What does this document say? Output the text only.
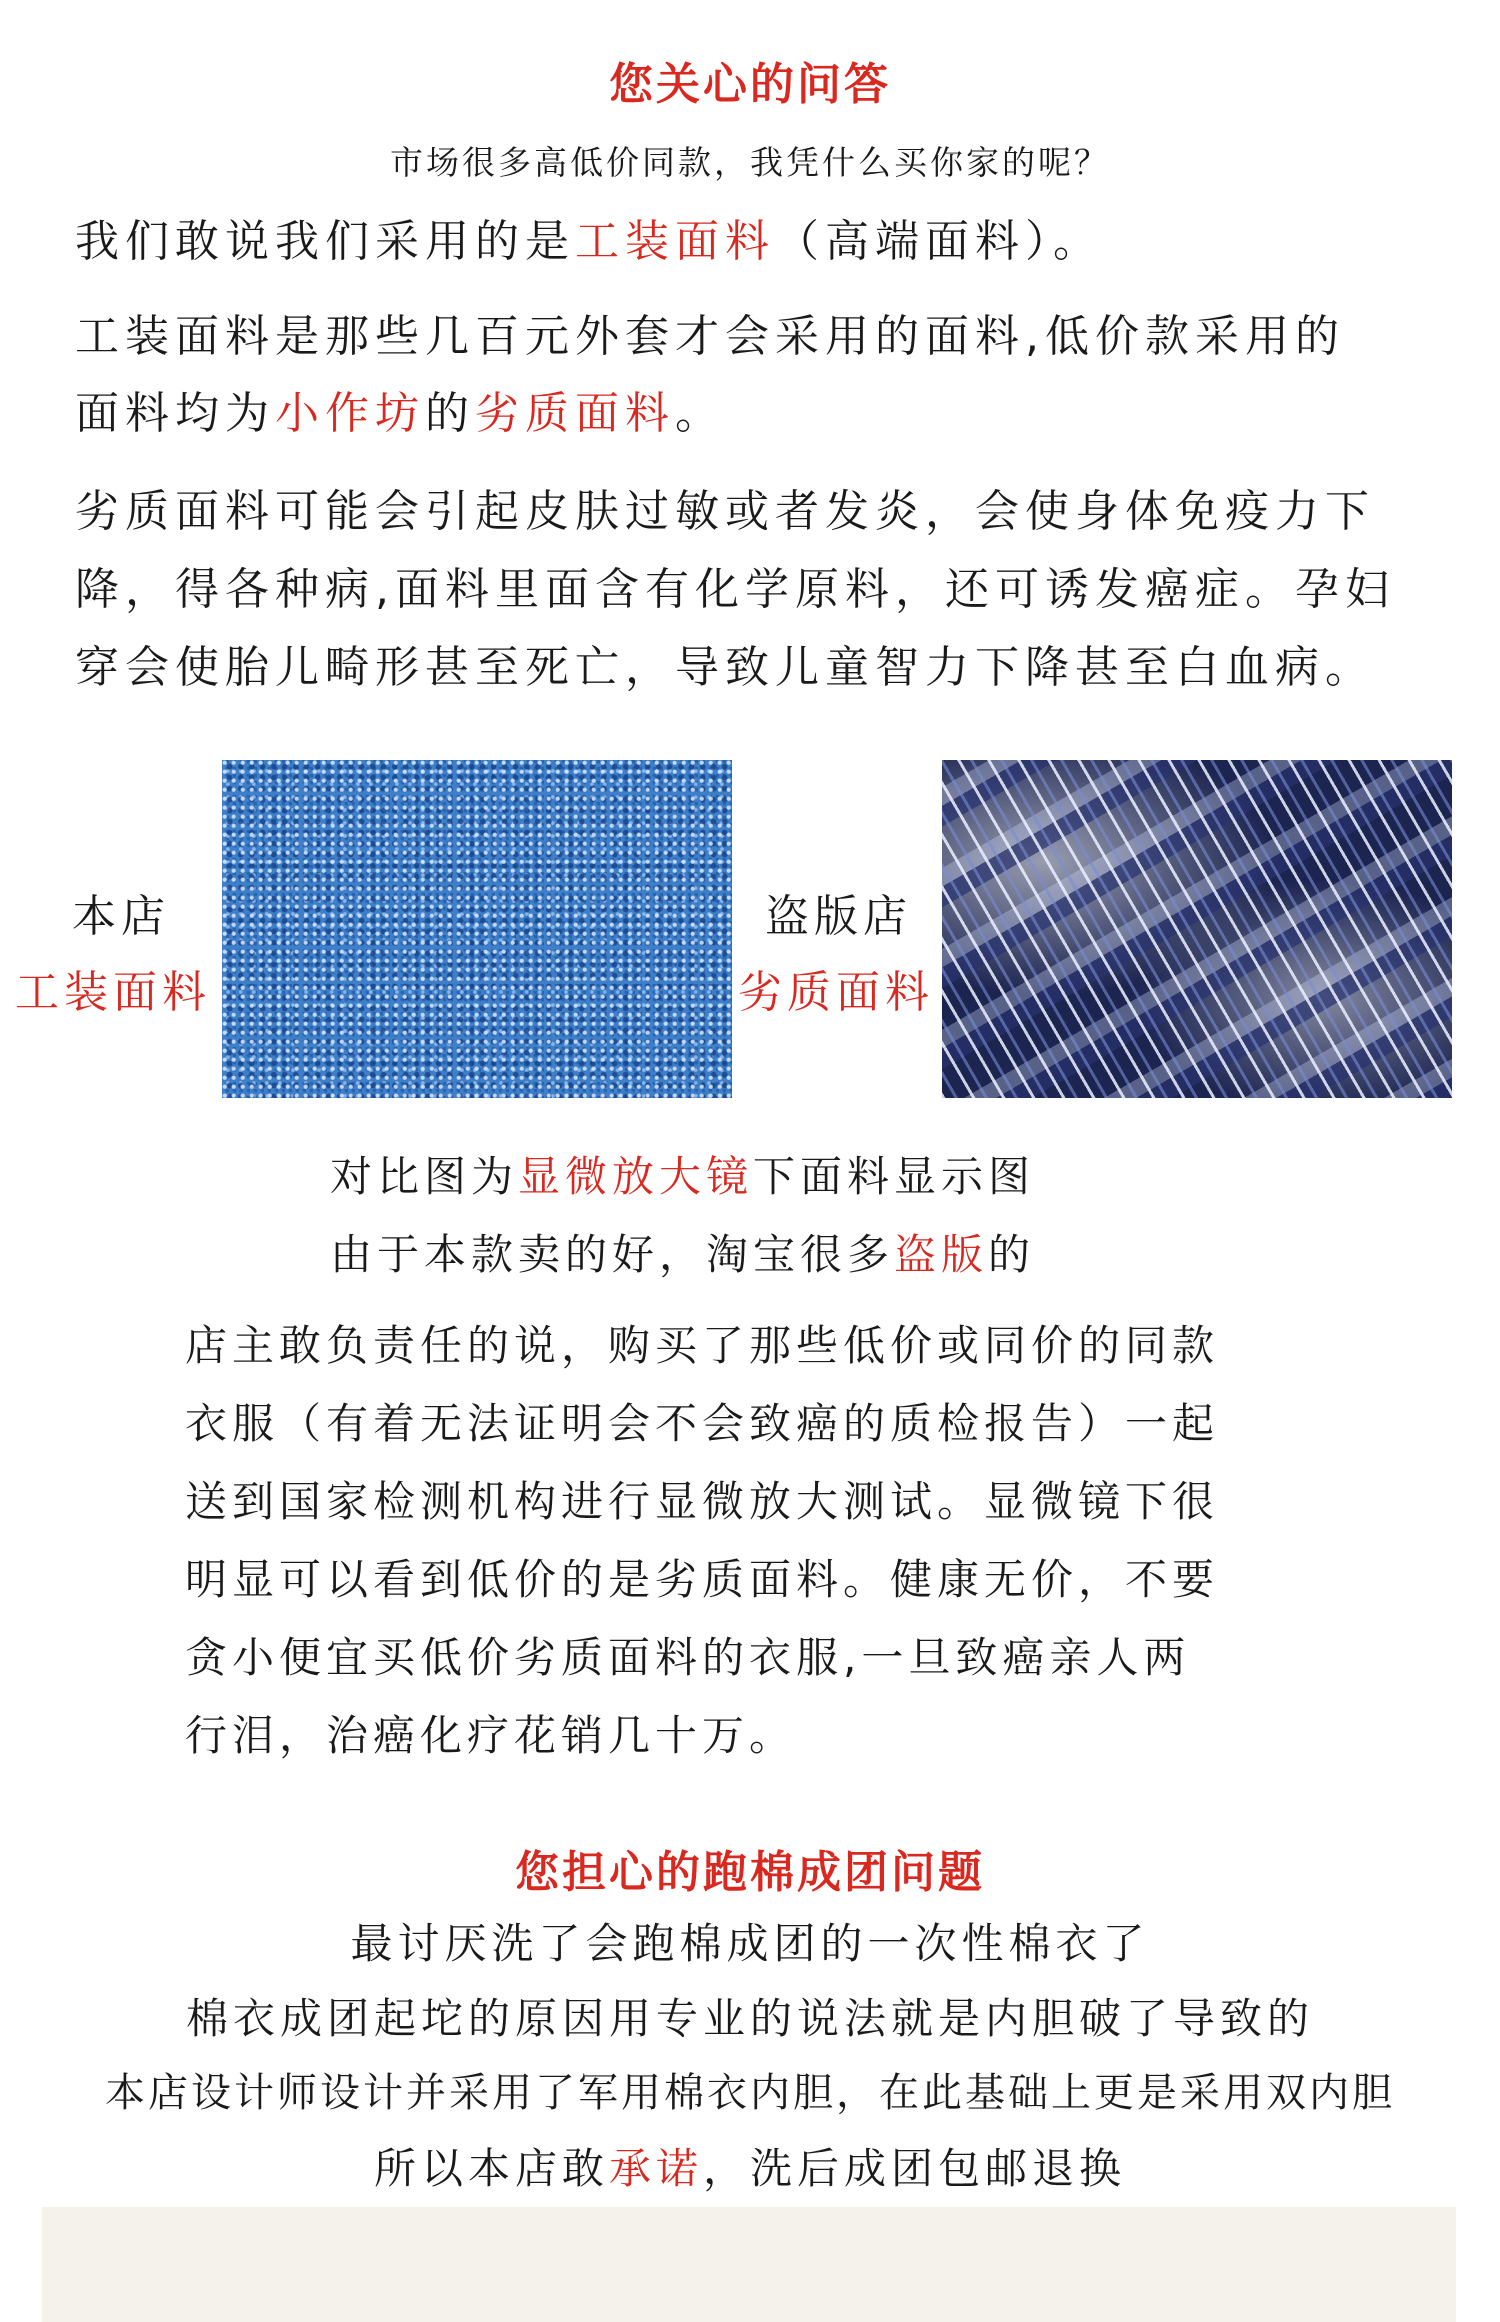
您关心的问答
市场很多高低价同款，我凭什么买你家的呢？
我们敢说我们采用的是工装面料（高端面料）。
工装面料是那些几百元外套才会采用的面料,低价款采用的
面料均为小作坊的劣质面料。
劣质面料可能会引起皮肤过敏或者发炎，会使身体免疫力下
降，得各种病,面料里面含有化学原料，还可诱发癌症。孕妇
穿会使胎儿畸形甚至死亡，导致儿童智力下降甚至白血病。
本店
工装面料
盗版店
劣质面料
对比图为显微放大镜下面料显示图
由于本款卖的好，淘宝很多盗版的
店主敢负责任的说，购买了那些低价或同价的同款
衣服（有着无法证明会不会致癌的质检报告）一起
送到国家检测机构进行显微放大测试。显微镜下很
明显可以看到低价的是劣质面料。健康无价，不要
贪小便宜买低价劣质面料的衣服,一旦致癌亲人两
行泪，治癌化疗花销几十万。
您担心的跑棉成团问题
最讨厌洗了会跑棉成团的一次性棉衣了
棉衣成团起坨的原因用专业的说法就是内胆破了导致的
本店设计师设计并采用了军用棉衣内胆，在此基础上更是采用双内胆
所以本店敢承诺，洗后成团包邮退换
